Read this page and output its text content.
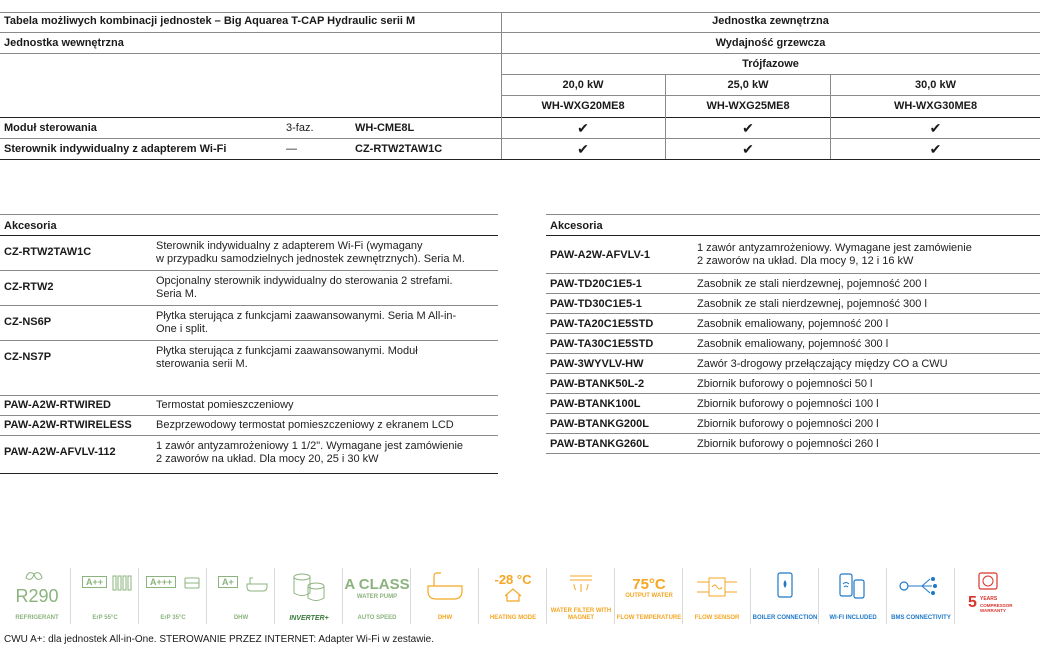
Tabela możliwych kombinacji jednostek – Big Aquarea T-CAP Hydraulic serii M	Jednostka zewnętrzna
Jednostka wewnętrzna	Wydajność grzewcza
Trójfazowe
20,0 kW	25,0 kW	30,0 kW
WH-WXG20ME8	WH-WXG25ME8	WH-WXG30ME8
Moduł sterowania	3-faz.	WH-CME8L	✔	✔	✔
Sterownik indywidualny z adapterem Wi-Fi	—	CZ-RTW2TAW1C	✔	✔	✔
Akcesoria
CZ-RTW2TAW1C	Sterownik indywidualny z adapterem Wi-Fi (wymagany
w przypadku samodzielnych jednostek zewnętrznych). Seria M.
CZ-RTW2	Opcjonalny sterownik indywidualny do sterowania 2 strefami.
Seria M.
CZ-NS6P	Płytka sterująca z funkcjami zaawansowanymi. Seria M All-in-
One i split.
CZ-NS7P	Płytka sterująca z funkcjami zaawansowanymi. Moduł
sterowania serii M.
PAW-A2W-RTWIRED	Termostat pomieszczeniowy
PAW-A2W-RTWIRELESS Bezprzewodowy termostat pomieszczeniowy z ekranem LCD
PAW-A2W-AFVLV-112	1 zawór antyzamrożeniowy 1 1/2". Wymagane jest zamówienie
2 zaworów na układ. Dla mocy 20, 25 i 30 kW
Akcesoria
PAW-A2W-AFVLV-1
1 zawór antyzamrożeniowy. Wymagane jest zamówienie
2 zaworów na układ. Dla mocy 9, 12 i 16 kW
PAW-TD20C1E5-1	Zasobnik ze stali nierdzewnej, pojemność 200 l
PAW-TD30C1E5-1	Zasobnik ze stali nierdzewnej, pojemność 300 l
PAW-TA20C1E5STD	Zasobnik emaliowany, pojemność 200 l
PAW-TA30C1E5STD	Zasobnik emaliowany, pojemność 300 l
PAW-3WYVLV-HW	Zawór 3-drogowy przełączający między CO a CWU
PAW-BTANK50L-2	Zbiornik buforowy o pojemności 50 l
PAW-BTANK100L	Zbiornik buforowy o pojemności 100 l
PAW-BTANKG200L	Zbiornik buforowy o pojemności 200 l
PAW-BTANKG260L	Zbiornik buforowy o pojemności 260 l
R290
REFRIGERANT
A++
ErP 55°C
A+++
ErP 35°C
A+
DHW	INVERTER+
A CLASS
WATER PUMP
AUTO SPEED	DHW
-28 °C
HEATING MODE
WATER FILTER WITH MAGNET
75°C
OUTPUT WATER
FLOW TEMPERATURE	FLOW SENSOR	BOILER CONNECTION	WI-FI INCLUDED	BMS CONNECTIVITY
5 YEARS
COMPRESSOR WARRANTY
CWU A+: dla jednostek All-in-One. STEROWANIE PRZEZ INTERNET: Adapter Wi-Fi w zestawie.
